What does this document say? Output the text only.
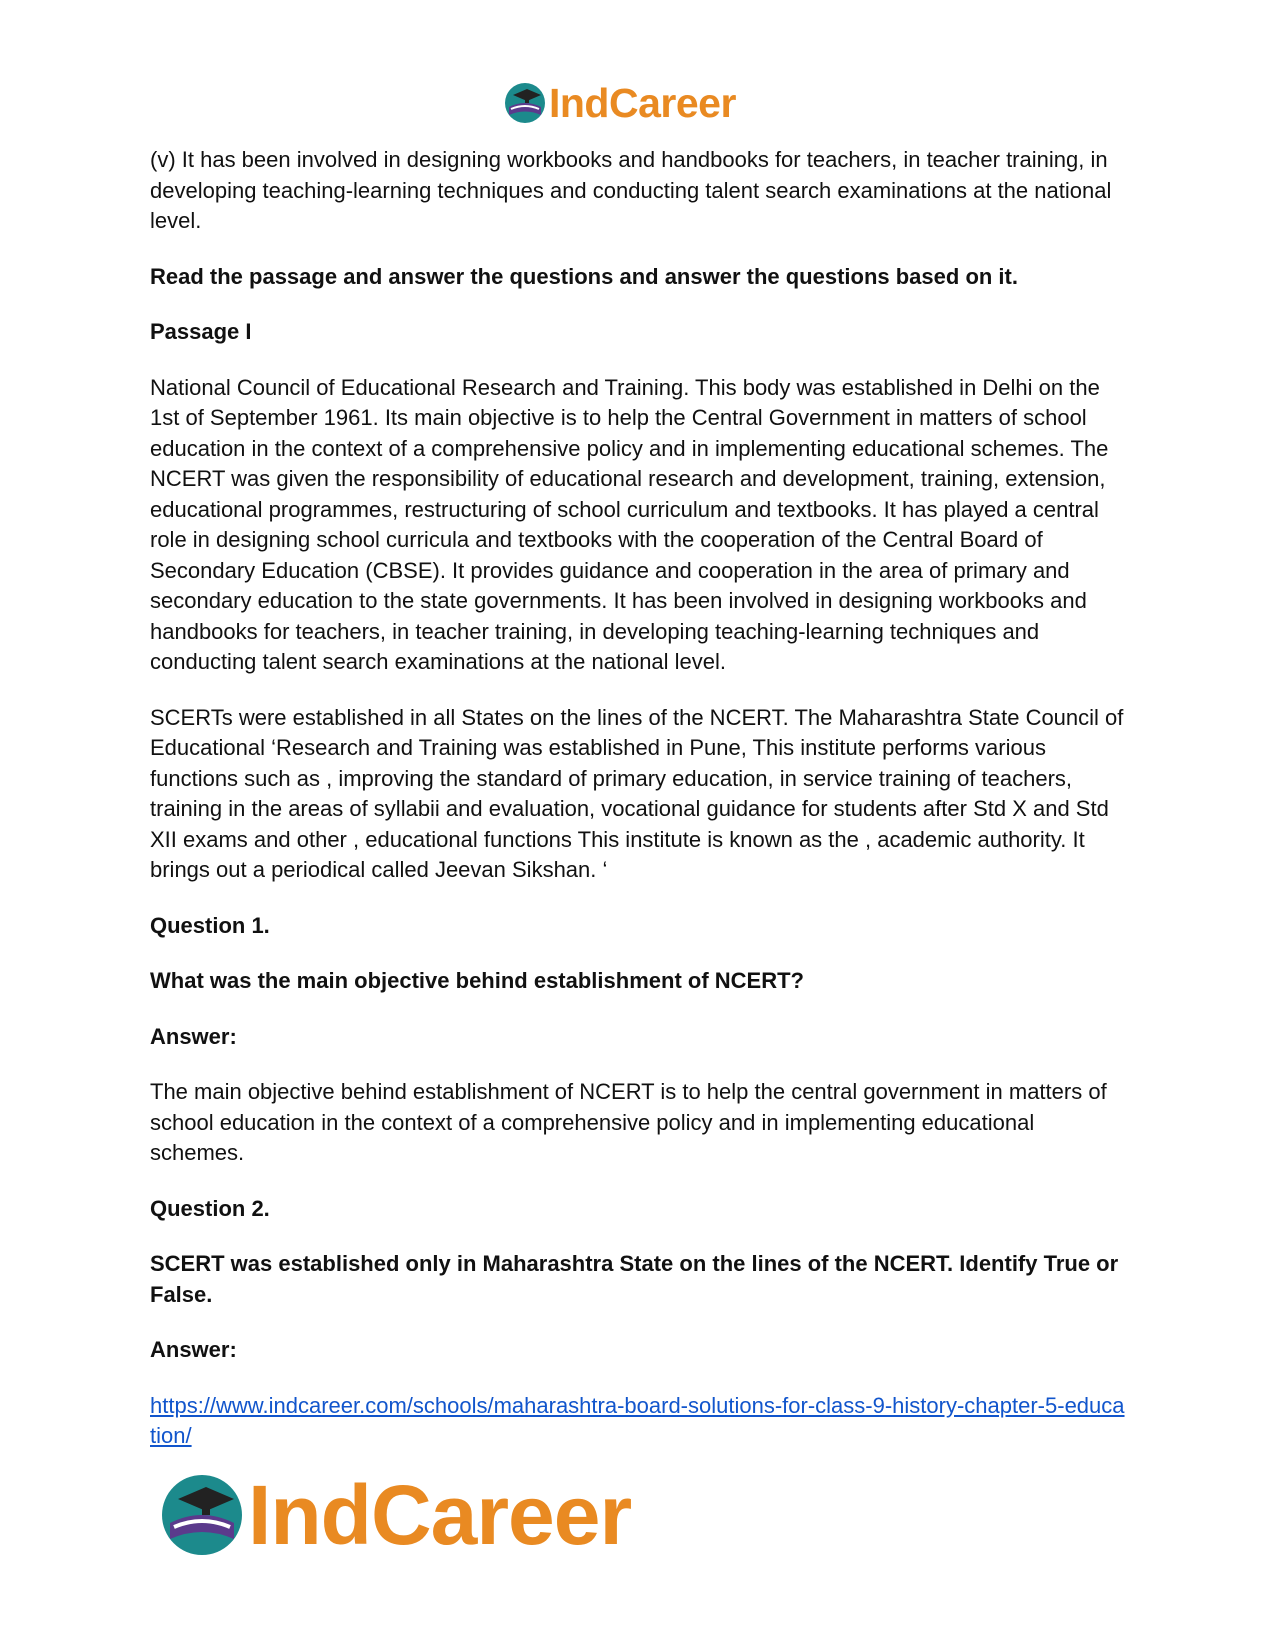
IndCareer

(v) It has been involved in designing workbooks and handbooks for teachers, in teacher training, in developing teaching-learning techniques and conducting talent search examinations at the national level.

Read the passage and answer the questions and answer the questions based on it.

Passage I

National Council of Educational Research and Training. This body was established in Delhi on the 1st of September 1961. Its main objective is to help the Central Government in matters of school education in the context of a comprehensive policy and in implementing educational schemes. The NCERT was given the responsibility of educational research and development, training, extension, educational programmes, restructuring of school curriculum and textbooks. It has played a central role in designing school curricula and textbooks with the cooperation of the Central Board of Secondary Education (CBSE). It provides guidance and cooperation in the area of primary and secondary education to the state governments. It has been involved in designing workbooks and handbooks for teachers, in teacher training, in developing teaching-learning techniques and conducting talent search examinations at the national level.

SCERTs were established in all States on the lines of the NCERT. The Maharashtra State Council of Educational ‘Research and Training was established in Pune, This institute performs various functions such as , improving the standard of primary education, in service training of teachers, training in the areas of syllabii and evaluation, vocational guidance for students after Std X and Std XII exams and other , educational functions This institute is known as the , academic authority. It brings out a periodical called Jeevan Sikshan. ‘

Question 1.

What was the main objective behind establishment of NCERT?

Answer:

The main objective behind establishment of NCERT is to help the central government in matters of school education in the context of a comprehensive policy and in implementing educational schemes.

Question 2.

SCERT was established only in Maharashtra State on the lines of the NCERT. Identify True or False.

Answer:

https://www.indcareer.com/schools/maharashtra-board-solutions-for-class-9-history-chapter-5-education/

IndCareer
